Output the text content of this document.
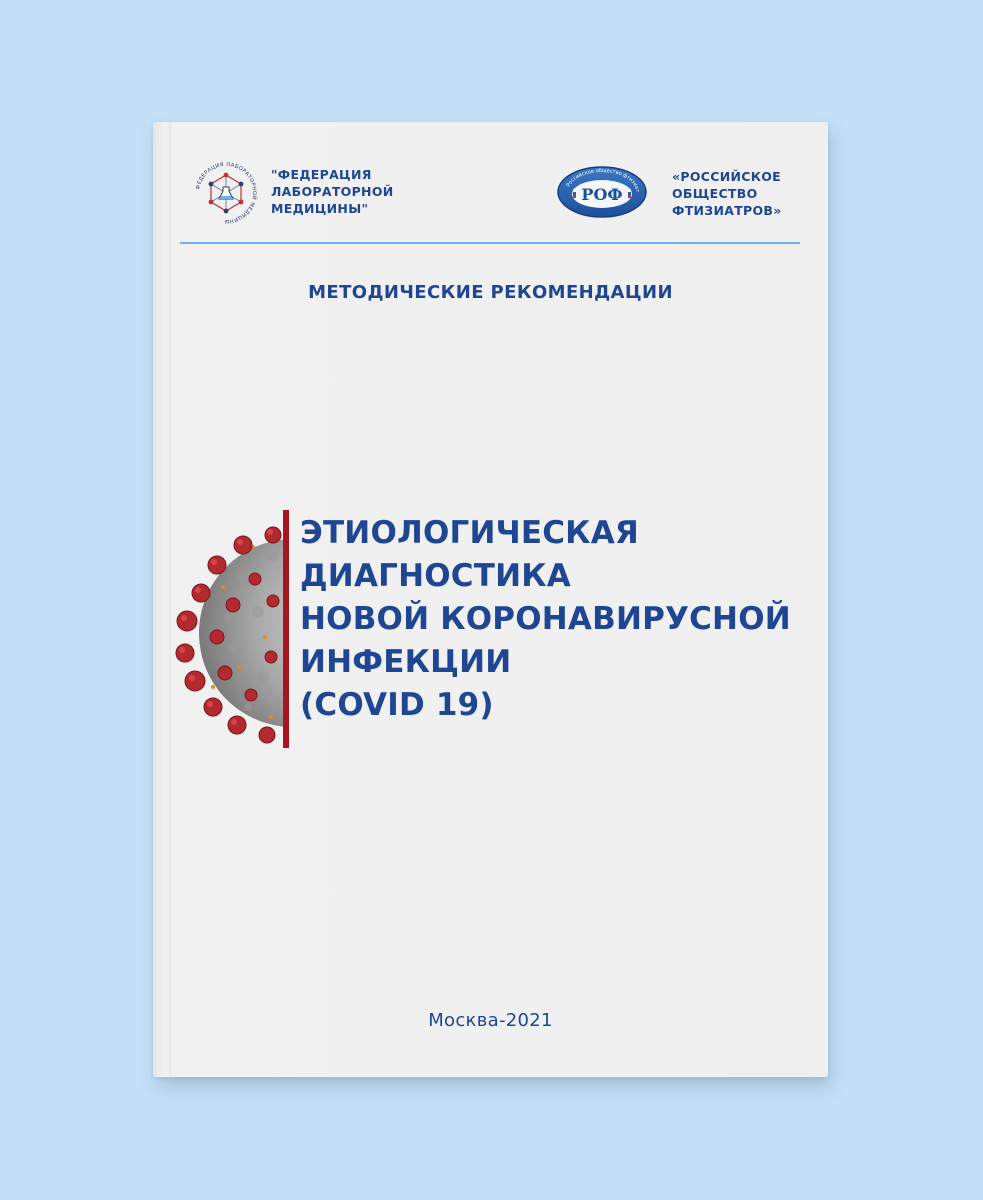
ФЕДЕРАЦИЯ ЛАБОРАТОРНОЙ МЕДИЦИНЫ
"ФЕДЕРАЦИЯ
ЛАБОРАТОРНОЙ
МЕДИЦИНЫ"
Российское общество фтизиат
РОФ
«РОССИЙСКОЕ
ОБЩЕСТВО
ФТИЗИАТРОВ»
МЕТОДИЧЕСКИЕ РЕКОМЕНДАЦИИ
ЭТИОЛОГИЧЕСКАЯ
ДИАГНОСТИКА
НОВОЙ КОРОНАВИРУСНОЙ
ИНФЕКЦИИ
(COVID 19)
Москва-2021
